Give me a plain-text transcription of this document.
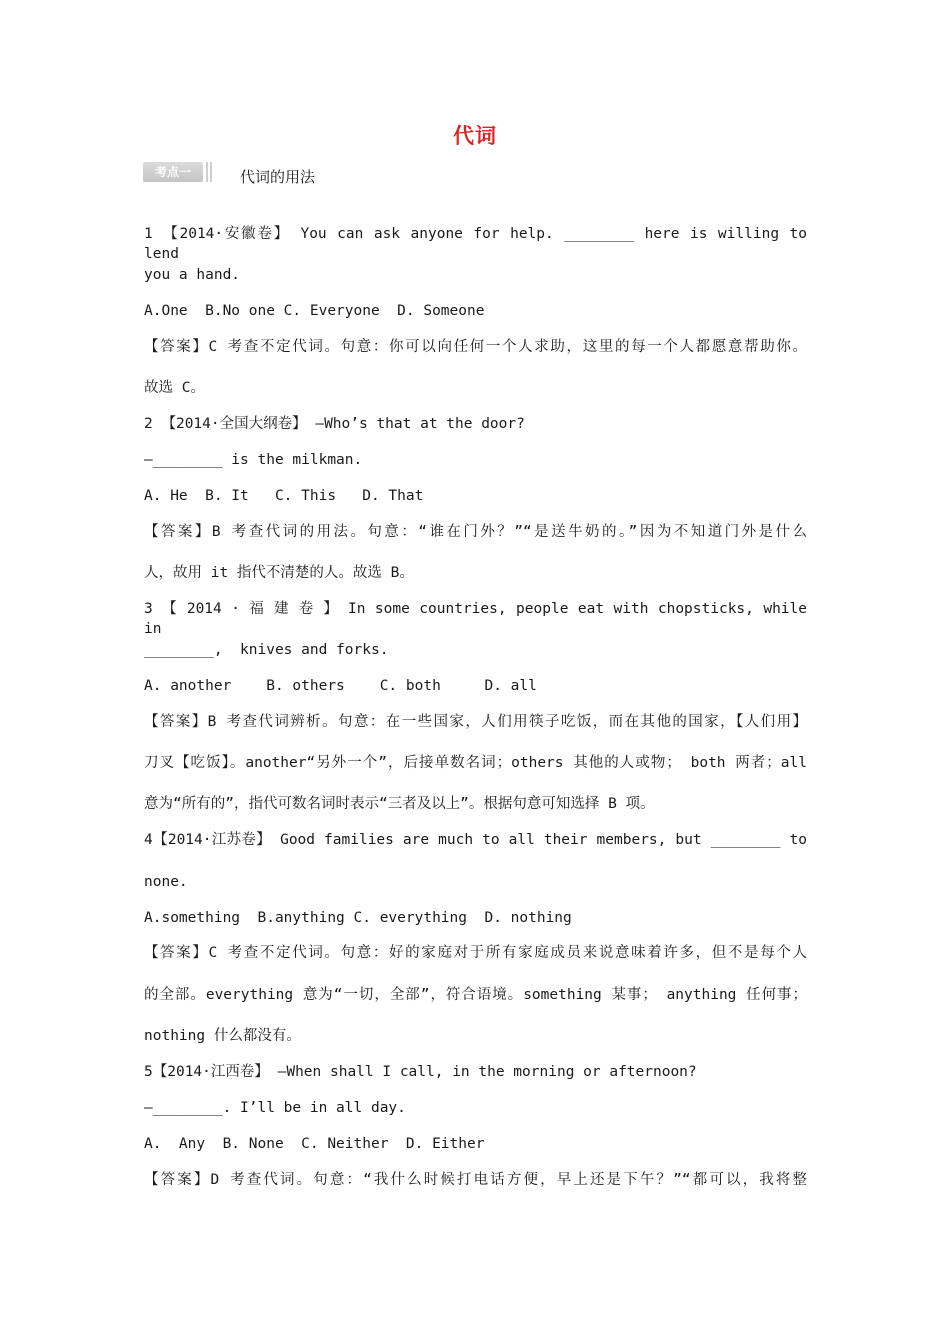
代词
考点一	代词的用法
1 【2014·安徽卷】 You can ask anyone for help. ________ here is willing to lend
you a hand.
A.One  B.No one C. Everyone  D. Someone
【答案】C 考查不定代词。句意：你可以向任何一个人求助，这里的每一个人都愿意帮助你。
故选 C。
2 【2014·全国大纲卷】 —Who’s that at the door?
—________ is the milkman.
A. He  B. It   C. This   D. That
【答案】B 考查代词的用法。句意：“谁在门外？”“是送牛奶的。”因为不知道门外是什么
人，故用 it 指代不清楚的人。故选 B。
3 【 2014 · 福 建 卷 】 In some countries, people eat with chopsticks, while in
________,  knives and forks.
A. another    B. others    C. both     D. all
【答案】B 考查代词辨析。句意：在一些国家，人们用筷子吃饭，而在其他的国家，【人们用】
刀叉【吃饭】。another“另外一个”，后接单数名词；others 其他的人或物； both 两者；all
意为“所有的”，指代可数名词时表示“三者及以上”。根据句意可知选择 B 项。
4【2014·江苏卷】 Good families are much to all their members, but ________ to
none.
A.something  B.anything C. everything  D. nothing
【答案】C 考查不定代词。句意：好的家庭对于所有家庭成员来说意味着许多，但不是每个人
的全部。everything 意为“一切，全部”，符合语境。something 某事； anything 任何事；
nothing 什么都没有。
5【2014·江西卷】 —When shall I call, in the morning or afternoon?
—________. I’ll be in all day.
A.  Any  B. None  C. Neither  D. Either
【答案】D 考查代词。句意：“我什么时候打电话方便，早上还是下午？”“都可以，我将整
